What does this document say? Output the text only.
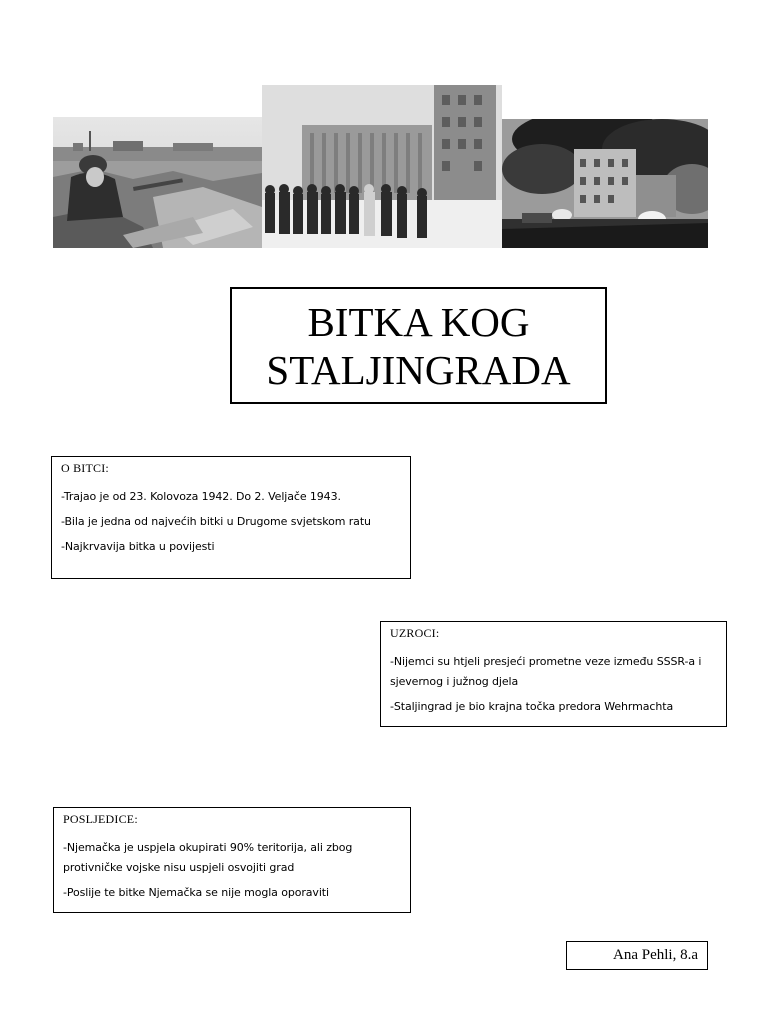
BITKA KOG
STALJINGRADA
O BITCI:
-Trajao je od 23. Kolovoza 1942. Do 2. Veljače 1943.
-Bila je jedna od najvećih bitki u Drugome svjetskom ratu
-Najkrvavija bitka u povijesti
UZROCI:
-Nijemci su htjeli presjeći prometne veze između SSSR-a i sjevernog i južnog djela
-Staljingrad je bio krajna točka predora Wehrmachta
POSLJEDICE:
-Njemačka je uspjela okupirati 90% teritorija, ali zbog protivničke vojske nisu uspjeli osvojiti grad
-Poslije te bitke Njemačka se nije mogla oporaviti
Ana Pehli, 8.a
